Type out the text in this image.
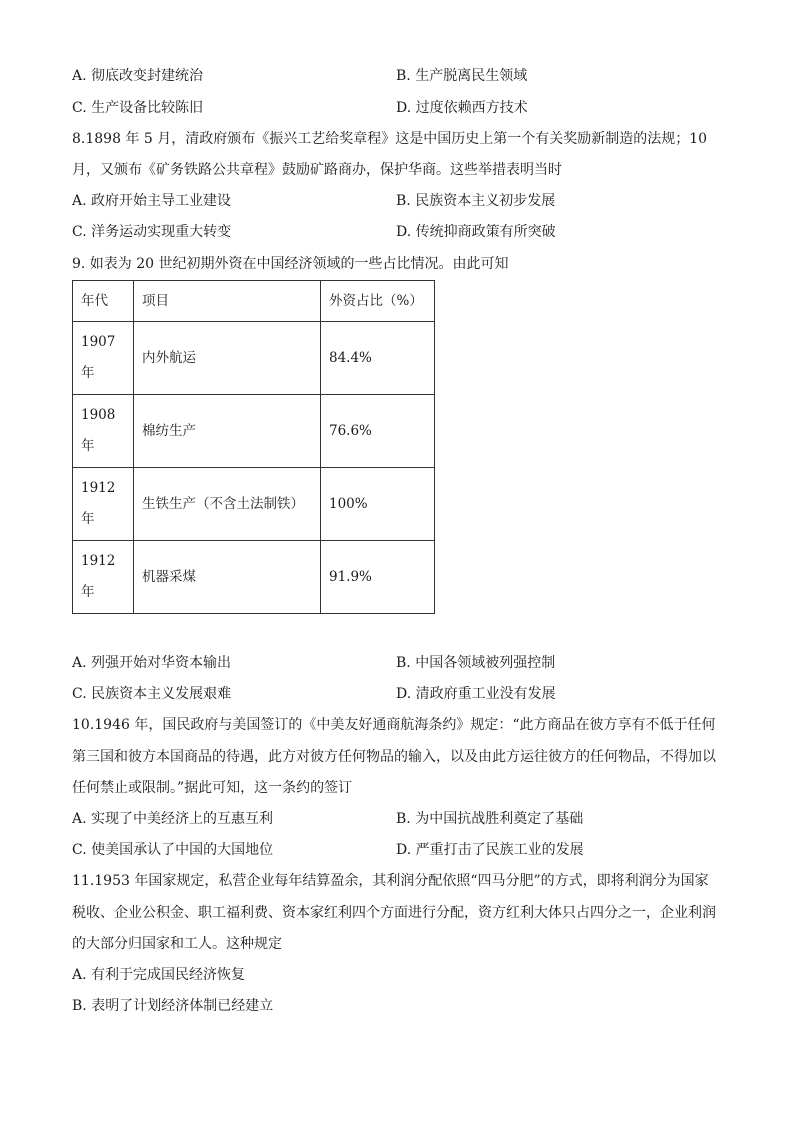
A. 彻底改变封建统治	B. 生产脱离民生领域
C. 生产设备比较陈旧	D. 过度依赖西方技术
8.1898 年 5 月，清政府颁布《振兴工艺给奖章程》这是中国历史上第一个有关奖励新制造的法规；10
月，又颁布《矿务铁路公共章程》鼓励矿路商办，保护华商。这些举措表明当时
A. 政府开始主导工业建设	B. 民族资本主义初步发展
C. 洋务运动实现重大转变	D. 传统抑商政策有所突破
9. 如表为 20 世纪初期外资在中国经济领域的一些占比情况。由此可知
年代	项目	外资占比（%）
1907
年	内外航运	84.4%
1908
年	棉纺生产	76.6%
1912
年	生铁生产（不含土法制铁）	100%
1912
年	机器采煤	91.9%
A. 列强开始对华资本输出	B. 中国各领域被列强控制
C. 民族资本主义发展艰难	D. 清政府重工业没有发展
10.1946 年，国民政府与美国签订的《中美友好通商航海条约》规定：“此方商品在彼方享有不低于任何
第三国和彼方本国商品的待遇，此方对彼方任何物品的输入，以及由此方运往彼方的任何物品，不得加以
任何禁止或限制。”据此可知，这一条约的签订
A. 实现了中美经济上的互惠互利	B. 为中国抗战胜利奠定了基础
C. 使美国承认了中国的大国地位	D. 严重打击了民族工业的发展
11.1953 年国家规定，私营企业每年结算盈余，其利润分配依照“四马分肥”的方式，即将利润分为国家
税收、企业公积金、职工福利费、资本家红利四个方面进行分配，资方红利大体只占四分之一，企业利润
的大部分归国家和工人。这种规定
A. 有利于完成国民经济恢复
B. 表明了计划经济体制已经建立
